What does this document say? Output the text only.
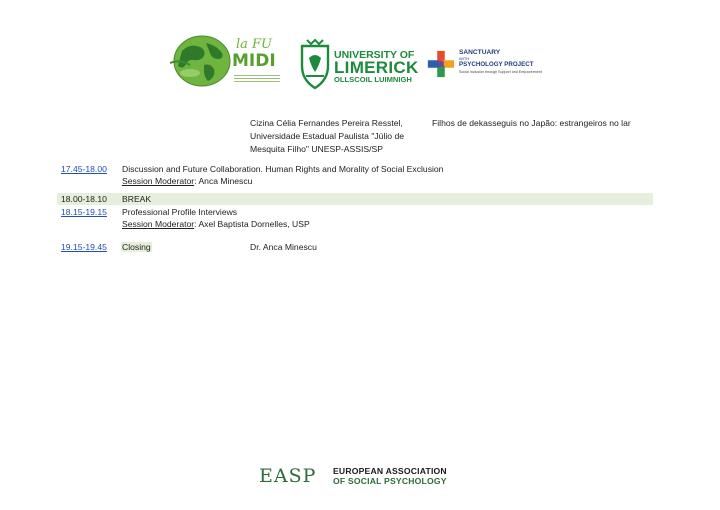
la FU
MIDI	UNIVERSITY OF
LIMERICK
OLLSCOIL LUIMNIGH
SANCTUARY
WITH
PSYCHOLOGY PROJECT
Social Inclusion through Support and Empowerment
Cizina Célia Fernandes Pereira Resstel,
Universidade Estadual Paulista "Júlio de
Mesquita Filho" UNESP-ASSIS/SP
Filhos de dekasseguis no Japão: estrangeiros no lar
17.45-18.00 Discussion and Future Collaboration. Human Rights and Morality of Social Exclusion
Session Moderator: Anca Minescu
18.00-18.10 BREAK
18.15-19.15 Professional Profile Interviews
Session Moderator: Axel Baptista Dornelles, USP
19.15-19.45 Closing	Dr. Anca Minescu
EASP EUROPEAN ASSOCIATION
OF SOCIAL PSYCHOLOGY
